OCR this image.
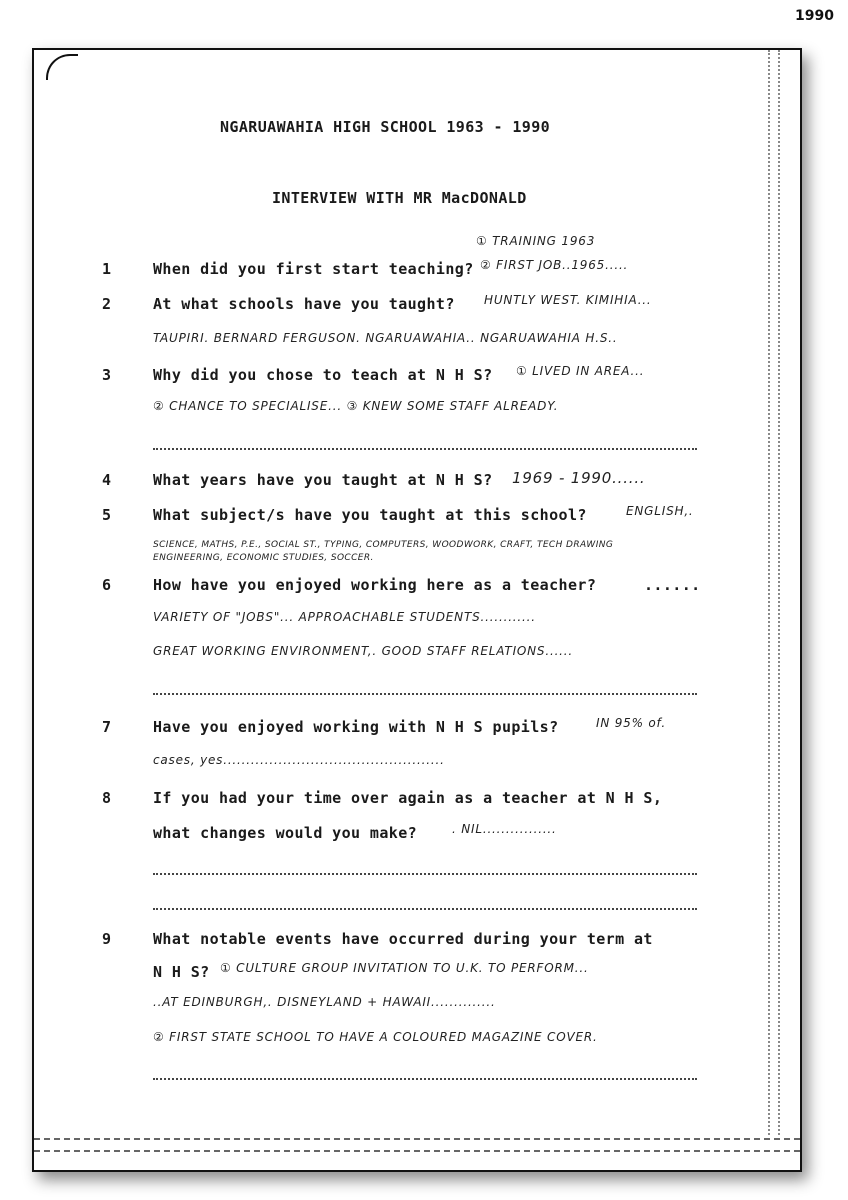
1990
NGARUAWAHIA HIGH SCHOOL 1963 - 1990
INTERVIEW WITH MR MacDONALD
1	When did you first start teaching?
① TRAINING 1963
② FIRST JOB..1965.....
2	At what schools have you taught? HUNTLY WEST. KIMIHIA...
TAUPIRI. BERNARD FERGUSON. NGARUAWAHIA.. NGARUAWAHIA H.S..
3	Why did you chose to teach at N H S? ① LIVED IN AREA...
② CHANCE TO SPECIALISE... ③ KNEW SOME STAFF ALREADY.
4	What years have you taught at N H S? 1969 - 1990......
5	What subject/s have you taught at this school?	ENGLISH,.
SCIENCE, MATHS, P.E., SOCIAL ST., TYPING, COMPUTERS, WOODWORK, CRAFT, TECH DRAWING
ENGINEERING, ECONOMIC STUDIES, SOCCER.
6	How have you enjoyed working here as a teacher?	......
VARIETY OF "JOBS"... APPROACHABLE STUDENTS............
GREAT WORKING ENVIRONMENT,. GOOD STAFF RELATIONS......
7	Have you enjoyed working with N H S pupils?	IN 95% of.
cases, yes................................................
8	If you had your time over again as a teacher at N H S,
what changes would you make?	. NIL................
9	What notable events have occurred during your term at
N H S? ① CULTURE GROUP INVITATION TO U.K. TO PERFORM...
..AT EDINBURGH,. DISNEYLAND + HAWAII..............
② FIRST STATE SCHOOL TO HAVE A COLOURED MAGAZINE COVER.
